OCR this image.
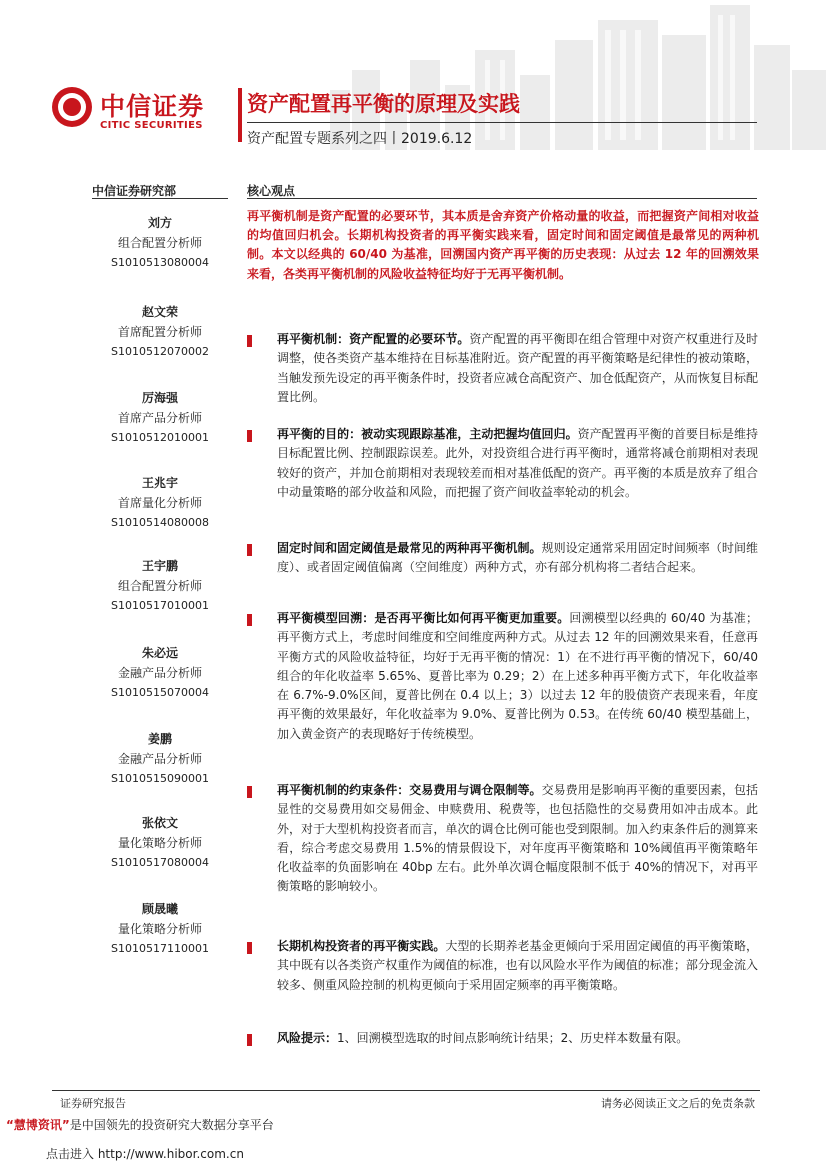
中信证券
CITIC SECURITIES
资产配置再平衡的原理及实践
资产配置专题系列之四丨2019.6.12
中信证券研究部
刘方
组合配置分析师
S1010513080004
赵文荣
首席配置分析师
S1010512070002
厉海强
首席产品分析师
S1010512010001
王兆宇
首席量化分析师
S1010514080008
王宇鹏
组合配置分析师
S1010517010001
朱必远
金融产品分析师
S1010515070004
姜鹏
金融产品分析师
S1010515090001
张依文
量化策略分析师
S1010517080004
顾晟曦
量化策略分析师
S1010517110001
核心观点
再平衡机制是资产配置的必要环节，其本质是舍弃资产价格动量的收益，而把握资产间相对收益的均值回归机会。长期机构投资者的再平衡实践来看，固定时间和固定阈值是最常见的两种机制。本文以经典的 60/40 为基准，回溯国内资产再平衡的历史表现：从过去 12 年的回溯效果来看，各类再平衡机制的风险收益特征均好于无再平衡机制。
再平衡机制：资产配置的必要环节。资产配置的再平衡即在组合管理中对资产权重进行及时调整，使各类资产基本维持在目标基准附近。资产配置的再平衡策略是纪律性的被动策略，当触发预先设定的再平衡条件时，投资者应减仓高配资产、加仓低配资产，从而恢复目标配置比例。
再平衡的目的：被动实现跟踪基准，主动把握均值回归。资产配置再平衡的首要目标是维持目标配置比例、控制跟踪误差。此外，对投资组合进行再平衡时，通常将减仓前期相对表现较好的资产，并加仓前期相对表现较差而相对基准低配的资产。再平衡的本质是放弃了组合中动量策略的部分收益和风险，而把握了资产间收益率轮动的机会。
固定时间和固定阈值是最常见的两种再平衡机制。规则设定通常采用固定时间频率（时间维度）、或者固定阈值偏离（空间维度）两种方式，亦有部分机构将二者结合起来。
再平衡模型回溯：是否再平衡比如何再平衡更加重要。回溯模型以经典的 60/40 为基准；再平衡方式上，考虑时间维度和空间维度两种方式。从过去 12 年的回溯效果来看，任意再平衡方式的风险收益特征，均好于无再平衡的情况：1）在不进行再平衡的情况下，60/40 组合的年化收益率 5.65%、夏普比率为 0.29；2）在上述多种再平衡方式下，年化收益率在 6.7%-9.0%区间，夏普比例在 0.4 以上；3）以过去 12 年的股债资产表现来看，年度再平衡的效果最好，年化收益率为 9.0%、夏普比例为 0.53。在传统 60/40 模型基础上，加入黄金资产的表现略好于传统模型。
再平衡机制的约束条件：交易费用与调仓限制等。交易费用是影响再平衡的重要因素，包括显性的交易费用如交易佣金、申赎费用、税费等，也包括隐性的交易费用如冲击成本。此外，对于大型机构投资者而言，单次的调仓比例可能也受到限制。加入约束条件后的测算来看，综合考虑交易费用 1.5%的情景假设下，对年度再平衡策略和 10%阈值再平衡策略年化收益率的负面影响在 40bp 左右。此外单次调仓幅度限制不低于 40%的情况下，对再平衡策略的影响较小。
长期机构投资者的再平衡实践。大型的长期养老基金更倾向于采用固定阈值的再平衡策略，其中既有以各类资产权重作为阈值的标准，也有以风险水平作为阈值的标准；部分现金流入较多、侧重风险控制的机构更倾向于采用固定频率的再平衡策略。
风险提示：1、回溯模型选取的时间点影响统计结果；2、历史样本数量有限。
证券研究报告	请务必阅读正文之后的免责条款
“慧博资讯”是中国领先的投资研究大数据分享平台
点击进入 http://www.hibor.com.cn
